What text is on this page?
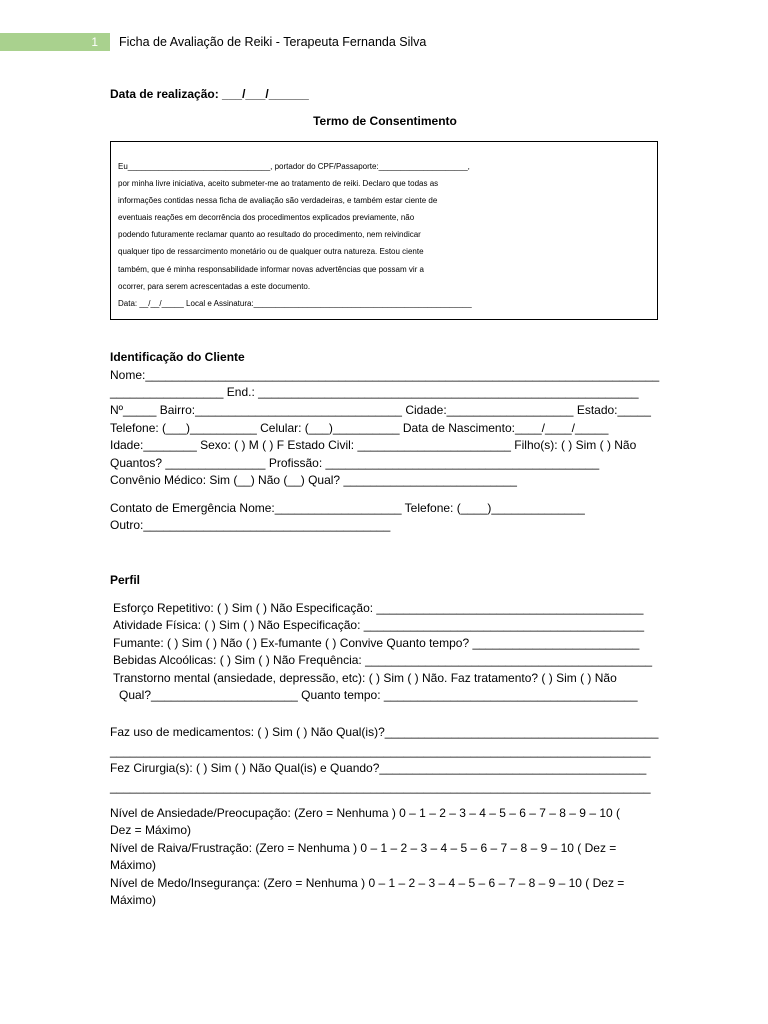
1	Ficha de Avaliação de Reiki - Terapeuta Fernanda Silva
Data de realização: ___/___/______
Termo de Consentimento
Eu________________________________, portador do CPF/Passaporte:____________________,
por minha livre iniciativa, aceito submeter-me ao tratamento de reiki. Declaro que todas as
informações contidas nessa ficha de avaliação são verdadeiras, e também estar ciente de
eventuais reações em decorrência dos procedimentos explicados previamente, não
podendo futuramente reclamar quanto ao resultado do procedimento, nem reivindicar
qualquer tipo de ressarcimento monetário ou de qualquer outra natureza. Estou ciente
também, que é minha responsabilidade informar novas advertências que possam vir a
ocorrer, para serem acrescentadas a este documento.
Data: __/__/_____ Local e Assinatura:_________________________________________________
Identificação do Cliente
Nome:_____________________________________________________________________________
_________________ End.: _________________________________________________________
Nº_____ Bairro:_______________________________ Cidade:___________________ Estado:_____
Telefone: (___)__________ Celular: (___)__________ Data de Nascimento:____/____/_____
Idade:________ Sexo: ( ) M ( ) F Estado Civil: _______________________ Filho(s): ( ) Sim ( ) Não
Quantos? _______________ Profissão: _________________________________________
Convênio Médico: Sim (__) Não (__) Qual? __________________________
Contato de Emergência Nome:___________________ Telefone: (____)______________
Outro:_____________________________________
Perfil
Esforço Repetitivo: ( ) Sim ( ) Não Especificação: ________________________________________
Atividade Física: ( ) Sim ( ) Não Especificação: __________________________________________
Fumante: ( ) Sim ( ) Não ( ) Ex-fumante ( ) Convive Quanto tempo? _________________________
Bebidas Alcoólicas: ( ) Sim ( ) Não Frequência: ___________________________________________
Transtorno mental (ansiedade, depressão, etc): ( ) Sim ( ) Não. Faz tratamento? ( ) Sim ( ) Não
Qual?______________________ Quanto tempo: ______________________________________
Faz uso de medicamentos: ( ) Sim ( ) Não Qual(is)?_________________________________________
_________________________________________________________________________________
Fez Cirurgia(s): ( ) Sim ( ) Não Qual(is) e Quando?________________________________________
_________________________________________________________________________________
Nível de Ansiedade/Preocupação: (Zero = Nenhuma ) 0 – 1 – 2 – 3 – 4 – 5 – 6 – 7 – 8 – 9 – 10 (
Dez = Máximo)
Nível de Raiva/Frustração: (Zero = Nenhuma ) 0 – 1 – 2 – 3 – 4 – 5 – 6 – 7 – 8 – 9 – 10 ( Dez =
Máximo)
Nível de Medo/Insegurança: (Zero = Nenhuma ) 0 – 1 – 2 – 3 – 4 – 5 – 6 – 7 – 8 – 9 – 10 ( Dez =
Máximo)
